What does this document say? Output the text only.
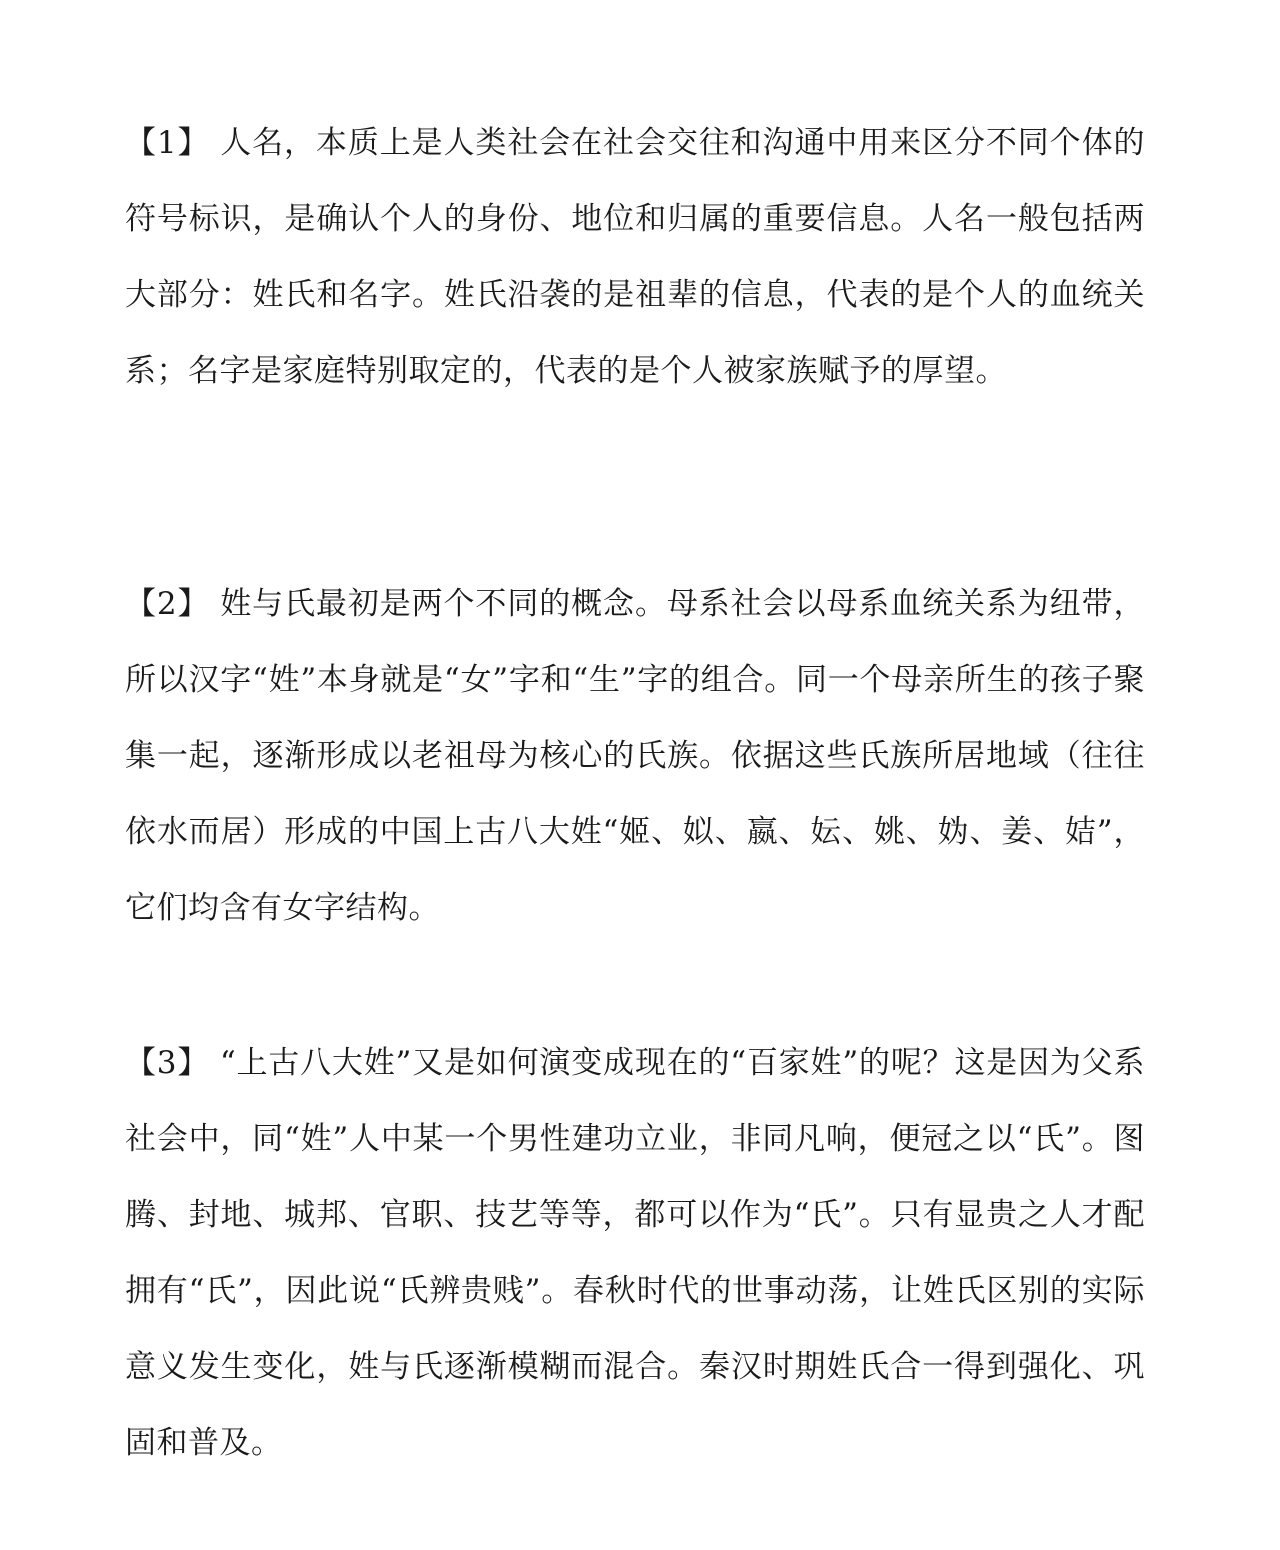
【1】 人名，本质上是人类社会在社会交往和沟通中用来区分不同个体的符号标识，是确认个人的身份、地位和归属的重要信息。人名一般包括两大部分：姓氏和名字。姓氏沿袭的是祖辈的信息，代表的是个人的血统关系；名字是家庭特别取定的，代表的是个人被家族赋予的厚望。

【2】 姓与氏最初是两个不同的概念。母系社会以母系血统关系为纽带，所以汉字“姓”本身就是“女”字和“生”字的组合。同一个母亲所生的孩子聚集一起，逐渐形成以老祖母为核心的氏族。依据这些氏族所居地域（往往依水而居）形成的中国上古八大姓“姬、姒、嬴、妘、姚、妫、姜、姞”，它们均含有女字结构。

【3】 “上古八大姓”又是如何演变成现在的“百家姓”的呢？这是因为父系社会中，同“姓”人中某一个男性建功立业，非同凡响，便冠之以“氏”。图腾、封地、城邦、官职、技艺等等，都可以作为“氏”。只有显贵之人才配拥有“氏”，因此说“氏辨贵贱”。春秋时代的世事动荡，让姓氏区别的实际意义发生变化，姓与氏逐渐模糊而混合。秦汉时期姓氏合一得到强化、巩固和普及。
